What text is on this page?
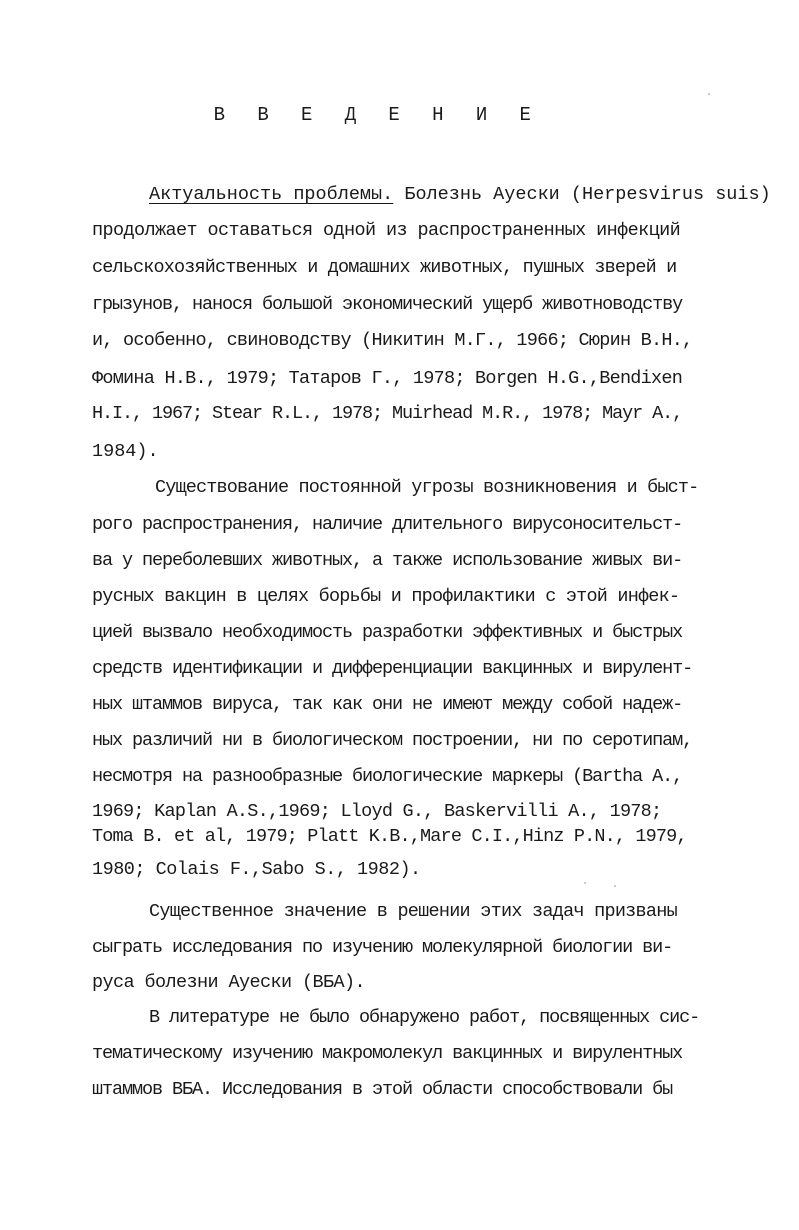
В В Е Д Е Н И Е
Актуальность проблемы. Болезнь Ауески (Herpesvirus suis)
продолжает оставаться одной из распространенных инфекций
сельскохозяйственных и домашних животных, пушных зверей и
грызунов, нанося большой экономический ущерб животноводству
и, особенно, свиноводству (Никитин М.Г., 1966; Сюрин В.Н.,
Фомина Н.В., 1979; Татаров Г., 1978; Borgen H.G.,Bendixen
H.I., 1967; Stear R.L., 1978; Muirhead M.R., 1978; Mayr A.,
1984).
Существование постоянной угрозы возникновения и быст-
рого распространения, наличие длительного вирусоносительст-
ва у переболевших животных, а также использование живых ви-
русных вакцин в целях борьбы и профилактики с этой инфек-
цией вызвало необходимость разработки эффективных и быстрых
средств идентификации и дифференциации вакцинных и вирулент-
ных штаммов вируса, так как они не имеют между собой надеж-
ных различий ни в биологическом построении, ни по серотипам,
несмотря на разнообразные биологические маркеры (Bartha A.,
1969; Kaplan A.S.,1969; Lloyd G., Baskervilli A., 1978;
Toma B. et al, 1979; Platt K.B.,Mare C.I.,Hinz P.N., 1979,
1980; Colais F.,Sabo S., 1982).
Существенное значение в решении этих задач призваны
сыграть исследования по изучению молекулярной биологии ви-
руса болезни Ауески (ВБА).
В литературе не было обнаружено работ, посвященных сис-
тематическому изучению макромолекул вакцинных и вирулентных
штаммов ВБА. Исследования в этой области способствовали бы
